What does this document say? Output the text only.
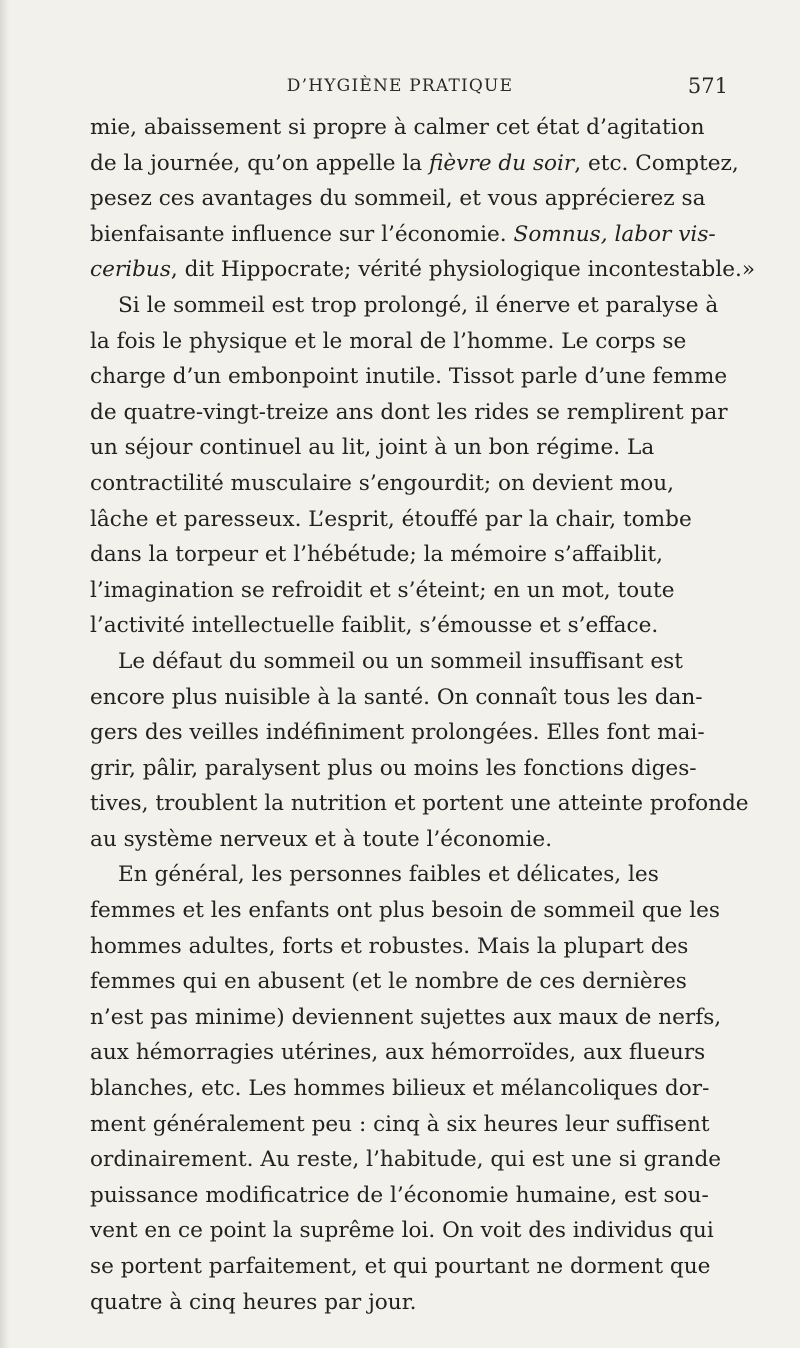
D’HYGIÈNE PRATIQUE	571
mie, abaissement si propre à calmer cet état d’agitation
de la journée, qu’on appelle la fièvre du soir, etc. Comptez,
pesez ces avantages du sommeil, et vous apprécierez sa
bienfaisante influence sur l’économie. Somnus, labor vis-
ceribus, dit Hippocrate; vérité physiologique incontestable.»
Si le sommeil est trop prolongé, il énerve et paralyse à
la fois le physique et le moral de l’homme. Le corps se
charge d’un embonpoint inutile. Tissot parle d’une femme
de quatre-vingt-treize ans dont les rides se remplirent par
un séjour continuel au lit, joint à un bon régime. La
contractilité musculaire s’engourdit; on devient mou,
lâche et paresseux. L’esprit, étouffé par la chair, tombe
dans la torpeur et l’hébétude; la mémoire s’affaiblit,
l’imagination se refroidit et s’éteint; en un mot, toute
l’activité intellectuelle faiblit, s’émousse et s’efface.
Le défaut du sommeil ou un sommeil insuffisant est
encore plus nuisible à la santé. On connaît tous les dan-
gers des veilles indéfiniment prolongées. Elles font mai-
grir, pâlir, paralysent plus ou moins les fonctions diges-
tives, troublent la nutrition et portent une atteinte profonde
au système nerveux et à toute l’économie.
En général, les personnes faibles et délicates, les
femmes et les enfants ont plus besoin de sommeil que les
hommes adultes, forts et robustes. Mais la plupart des
femmes qui en abusent (et le nombre de ces dernières
n’est pas minime) deviennent sujettes aux maux de nerfs,
aux hémorragies utérines, aux hémorroïdes, aux flueurs
blanches, etc. Les hommes bilieux et mélancoliques dor-
ment généralement peu : cinq à six heures leur suffisent
ordinairement. Au reste, l’habitude, qui est une si grande
puissance modificatrice de l’économie humaine, est sou-
vent en ce point la suprême loi. On voit des individus qui
se portent parfaitement, et qui pourtant ne dorment que
quatre à cinq heures par jour.
